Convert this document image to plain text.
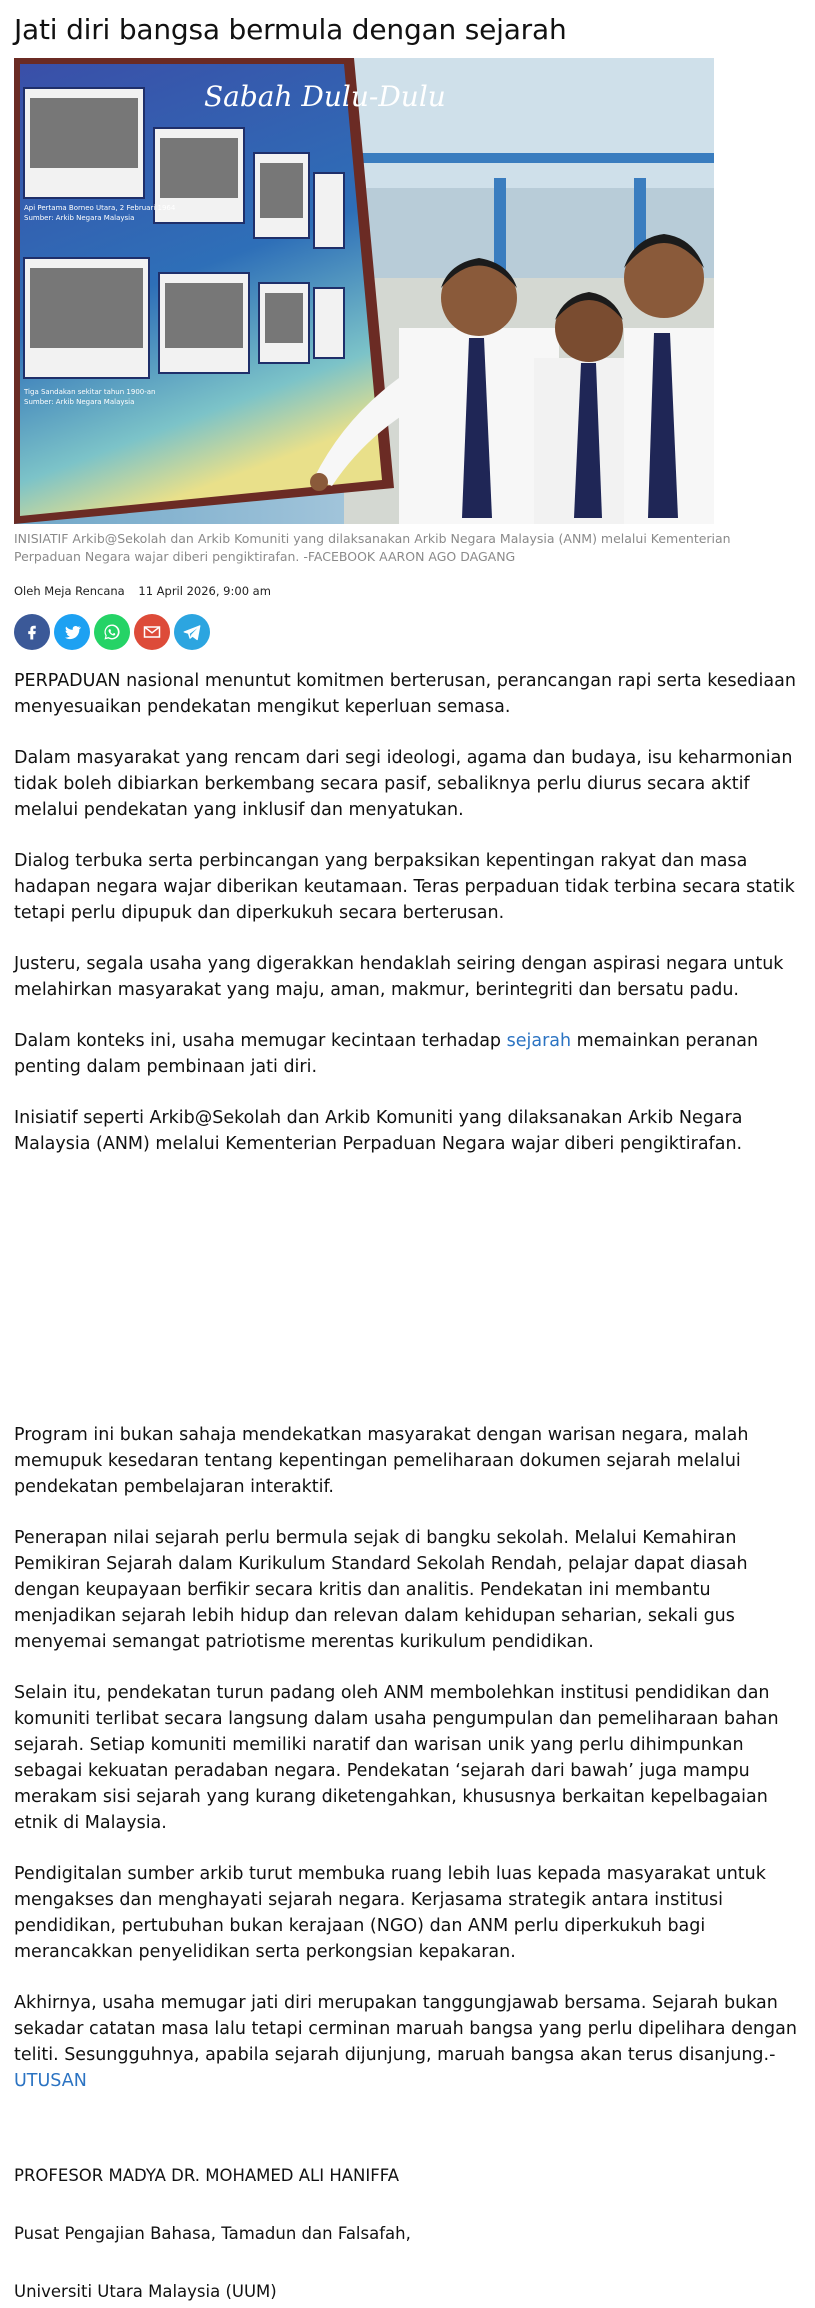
Jati diri bangsa bermula dengan sejarah
Sabah Dulu-Dulu
Api Pertama Borneo Utara, 2 Februari 1964
Sumber: Arkib Negara Malaysia
Tiga Sandakan sekitar tahun 1900-an
Sumber: Arkib Negara Malaysia
INISIATIF Arkib@Sekolah dan Arkib Komuniti yang dilaksanakan Arkib Negara Malaysia (ANM) melalui Kementerian Perpaduan Negara wajar diberi pengiktirafan. -FACEBOOK AARON AGO DAGANG
Oleh Meja Rencana 11 April 2026, 9:00 am

PERPADUAN nasional menuntut komitmen berterusan, perancangan rapi serta kesediaan menyesuaikan pendekatan mengikut keperluan semasa.

Dalam masyarakat yang rencam dari segi ideologi, agama dan budaya, isu keharmonian tidak boleh dibiarkan berkembang secara pasif, sebaliknya perlu diurus secara aktif melalui pendekatan yang inklusif dan menyatukan.

Dialog terbuka serta perbincangan yang berpaksikan kepentingan rakyat dan masa hadapan negara wajar diberikan keutamaan. Teras perpaduan tidak terbina secara statik tetapi perlu dipupuk dan diperkukuh secara berterusan.

Justeru, segala usaha yang digerakkan hendaklah seiring dengan aspirasi negara untuk melahirkan masyarakat yang maju, aman, makmur, berintegriti dan bersatu padu.

Dalam konteks ini, usaha memugar kecintaan terhadap sejarah memainkan peranan penting dalam pembinaan jati diri.

Inisiatif seperti Arkib@Sekolah dan Arkib Komuniti yang dilaksanakan Arkib Negara Malaysia (ANM) melalui Kementerian Perpaduan Negara wajar diberi pengiktirafan.

Program ini bukan sahaja mendekatkan masyarakat dengan warisan negara, malah memupuk kesedaran tentang kepentingan pemeliharaan dokumen sejarah melalui pendekatan pembelajaran interaktif.

Penerapan nilai sejarah perlu bermula sejak di bangku sekolah. Melalui Kemahiran Pemikiran Sejarah dalam Kurikulum Standard Sekolah Rendah, pelajar dapat diasah dengan keupayaan berfikir secara kritis dan analitis. Pendekatan ini membantu menjadikan sejarah lebih hidup dan relevan dalam kehidupan seharian, sekali gus menyemai semangat patriotisme merentas kurikulum pendidikan.

Selain itu, pendekatan turun padang oleh ANM membolehkan institusi pendidikan dan komuniti terlibat secara langsung dalam usaha pengumpulan dan pemeliharaan bahan sejarah. Setiap komuniti memiliki naratif dan warisan unik yang perlu dihimpunkan sebagai kekuatan peradaban negara. Pendekatan ‘sejarah dari bawah’ juga mampu merakam sisi sejarah yang kurang diketengahkan, khususnya berkaitan kepelbagaian etnik di Malaysia.

Pendigitalan sumber arkib turut membuka ruang lebih luas kepada masyarakat untuk mengakses dan menghayati sejarah negara. Kerjasama strategik antara institusi pendidikan, pertubuhan bukan kerajaan (NGO) dan ANM perlu diperkukuh bagi merancakkan penyelidikan serta perkongsian kepakaran.

Akhirnya, usaha memugar jati diri merupakan tanggungjawab bersama. Sejarah bukan sekadar catatan masa lalu tetapi cerminan maruah bangsa yang perlu dipelihara dengan teliti. Sesungguhnya, apabila sejarah dijunjung, maruah bangsa akan terus disanjung.-UTUSAN

PROFESOR MADYA DR. MOHAMED ALI HANIFFA

Pusat Pengajian Bahasa, Tamadun dan Falsafah,

Universiti Utara Malaysia (UUM)
